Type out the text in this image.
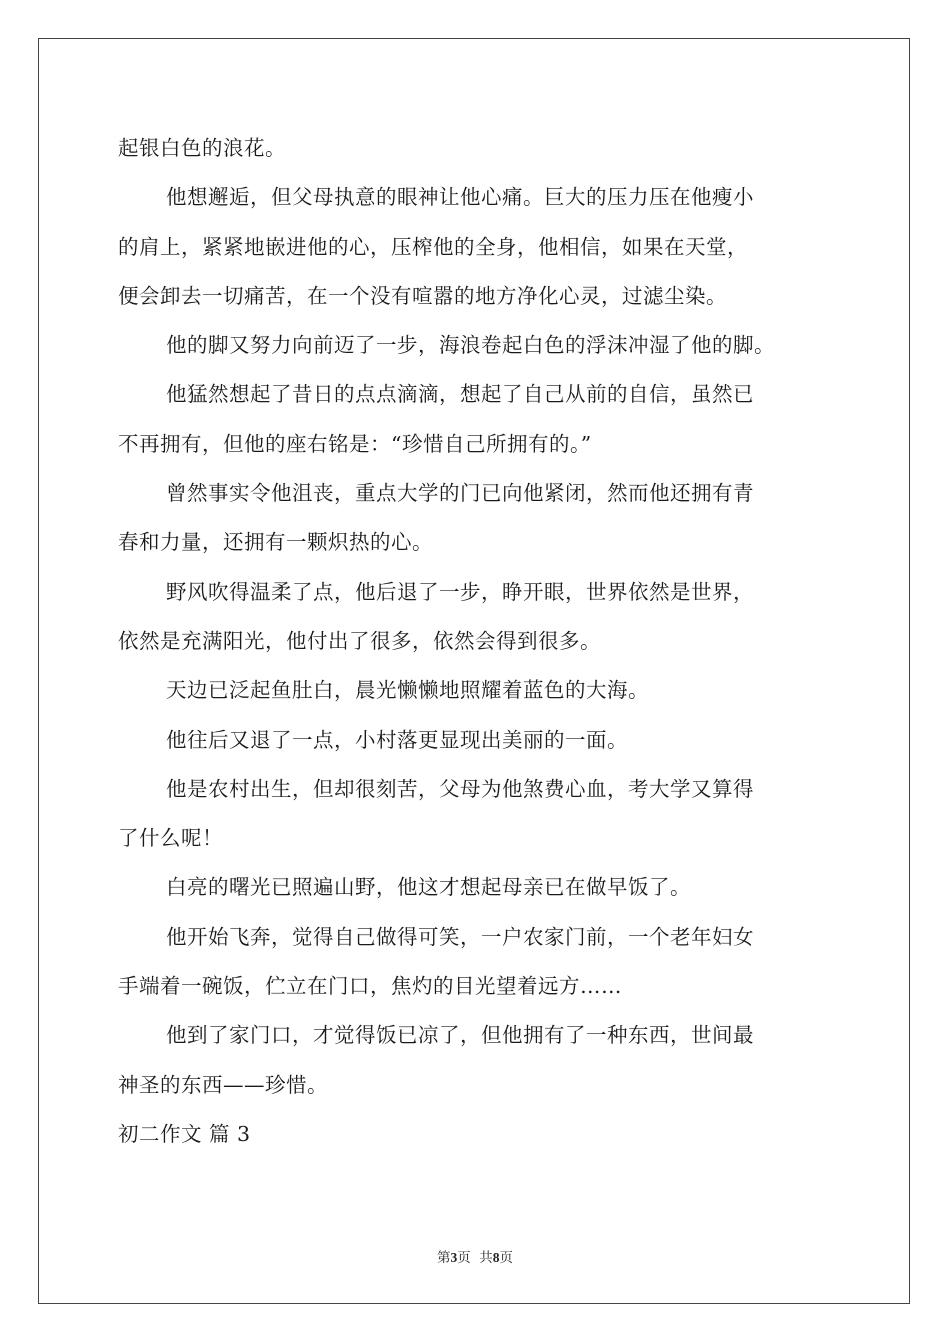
起银白色的浪花。
他想邂逅，但父母执意的眼神让他心痛。巨大的压力压在他瘦小
的肩上，紧紧地嵌进他的心，压榨他的全身，他相信，如果在天堂，
便会卸去一切痛苦，在一个没有喧嚣的地方净化心灵，过滤尘染。
他的脚又努力向前迈了一步，海浪卷起白色的浮沫冲湿了他的脚。
他猛然想起了昔日的点点滴滴，想起了自己从前的自信，虽然已
不再拥有，但他的座右铭是：“珍惜自己所拥有的。”
曾然事实令他沮丧，重点大学的门已向他紧闭，然而他还拥有青
春和力量，还拥有一颗炽热的心。
野风吹得温柔了点，他后退了一步，睁开眼，世界依然是世界，
依然是充满阳光，他付出了很多，依然会得到很多。
天边已泛起鱼肚白，晨光懒懒地照耀着蓝色的大海。
他往后又退了一点，小村落更显现出美丽的一面。
他是农村出生，但却很刻苦，父母为他煞费心血，考大学又算得
了什么呢！
白亮的曙光已照遍山野，他这才想起母亲已在做早饭了。
他开始飞奔，觉得自己做得可笑，一户农家门前，一个老年妇女
手端着一碗饭，伫立在门口，焦灼的目光望着远方……
他到了家门口，才觉得饭已凉了，但他拥有了一种东西，世间最
神圣的东西——珍惜。
初二作文 篇 3
第3页  共8页
